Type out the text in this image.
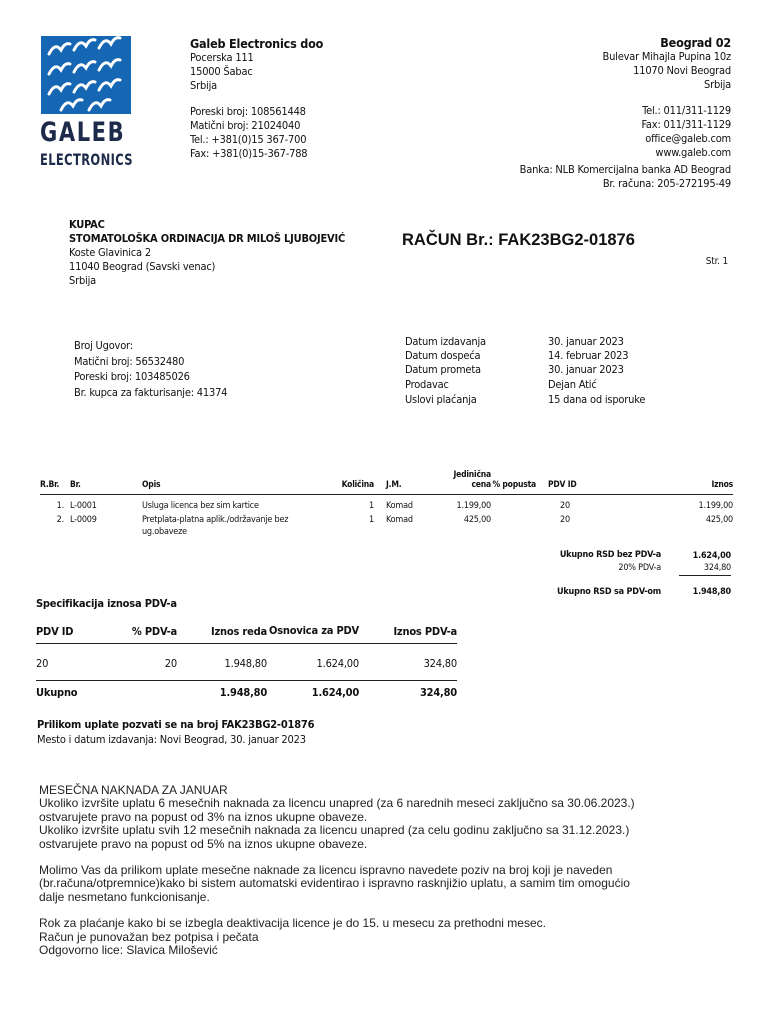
GALEB
ELECTRONICS
Galeb Electronics doo
Pocerska 111
15000 Šabac
Srbija
Poreski broj: 108561448
Matični broj: 21024040
Tel.: +381(0)15 367-700
Fax: +381(0)15-367-788
Beograd 02
Bulevar Mihajla Pupina 10z
11070 Novi Beograd
Srbija
Tel.: 011/311-1129
Fax: 011/311-1129
office@galeb.com
www.galeb.com
Banka: NLB Komercijalna banka AD Beograd
Br. računa: 205-272195-49
KUPAC
STOMATOLOŠKA ORDINACIJA DR MILOŠ LJUBOJEVIĆ
Koste Glavinica 2
11040 Beograd (Savski venac)
Srbija
RAČUN Br.: FAK23BG2-01876
Str. 1
Broj Ugovor:
Matični broj: 56532480
Poreski broj: 103485026
Br. kupca za fakturisanje: 41374
Datum izdavanja	30. januar 2023
Datum dospeća	14. februar 2023
Datum prometa	30. januar 2023
Prodavac	Dejan Atić
Uslovi plaćanja	15 dana od isporuke
R.Br.	Br.	Opis	Količina	J.M.	Jedinična cena	% popusta	PDV ID	Iznos

1.	L-0001	Usluga licenca bez sim kartice	1	Komad	1.199,00		20	1.199,00
2.	L-0009	Pretplata-platna aplik./održavanje bez ug.obaveze	1	Komad	425,00		20	425,00
Ukupno RSD bez PDV-a	1.624,00
20% PDV-a	324,80

Ukupno RSD sa PDV-om	1.948,80
Specifikacija iznosa PDV-a
PDV ID	% PDV-a	Iznos reda	Osnovica za PDV	Iznos PDV-a

20	20	1.948,80	1.624,00	324,80

Ukupno		1.948,80	1.624,00	324,80
Prilikom uplate pozvati se na broj FAK23BG2-01876
Mesto i datum izdavanja: Novi Beograd, 30. januar 2023
MESEČNA NAKNADA ZA JANUAR
Ukoliko izvršite uplatu 6 mesečnih naknada za licencu unapred (za 6 narednih meseci zaključno sa 30.06.2023.)
ostvarujete pravo na popust od 3% na iznos ukupne obaveze.
Ukoliko izvršite uplatu svih 12 mesečnih naknada za licencu unapred (za celu godinu zaključno sa 31.12.2023.)
ostvarujete pravo na popust od 5% na iznos ukupne obaveze.
Molimo Vas da prilikom uplate mesečne naknade za licencu ispravno navedete poziv na broj koji je naveden
(br.računa/otpremnice)kako bi sistem automatski evidentirao i ispravno rasknjižio uplatu, a samim tim omogućio
dalje nesmetano funkcionisanje.
Rok za plaćanje kako bi se izbegla deaktivacija licence je do 15. u mesecu za prethodni mesec.
Račun je punovažan bez potpisa i pečata
Odgovorno lice: Slavica Milošević
